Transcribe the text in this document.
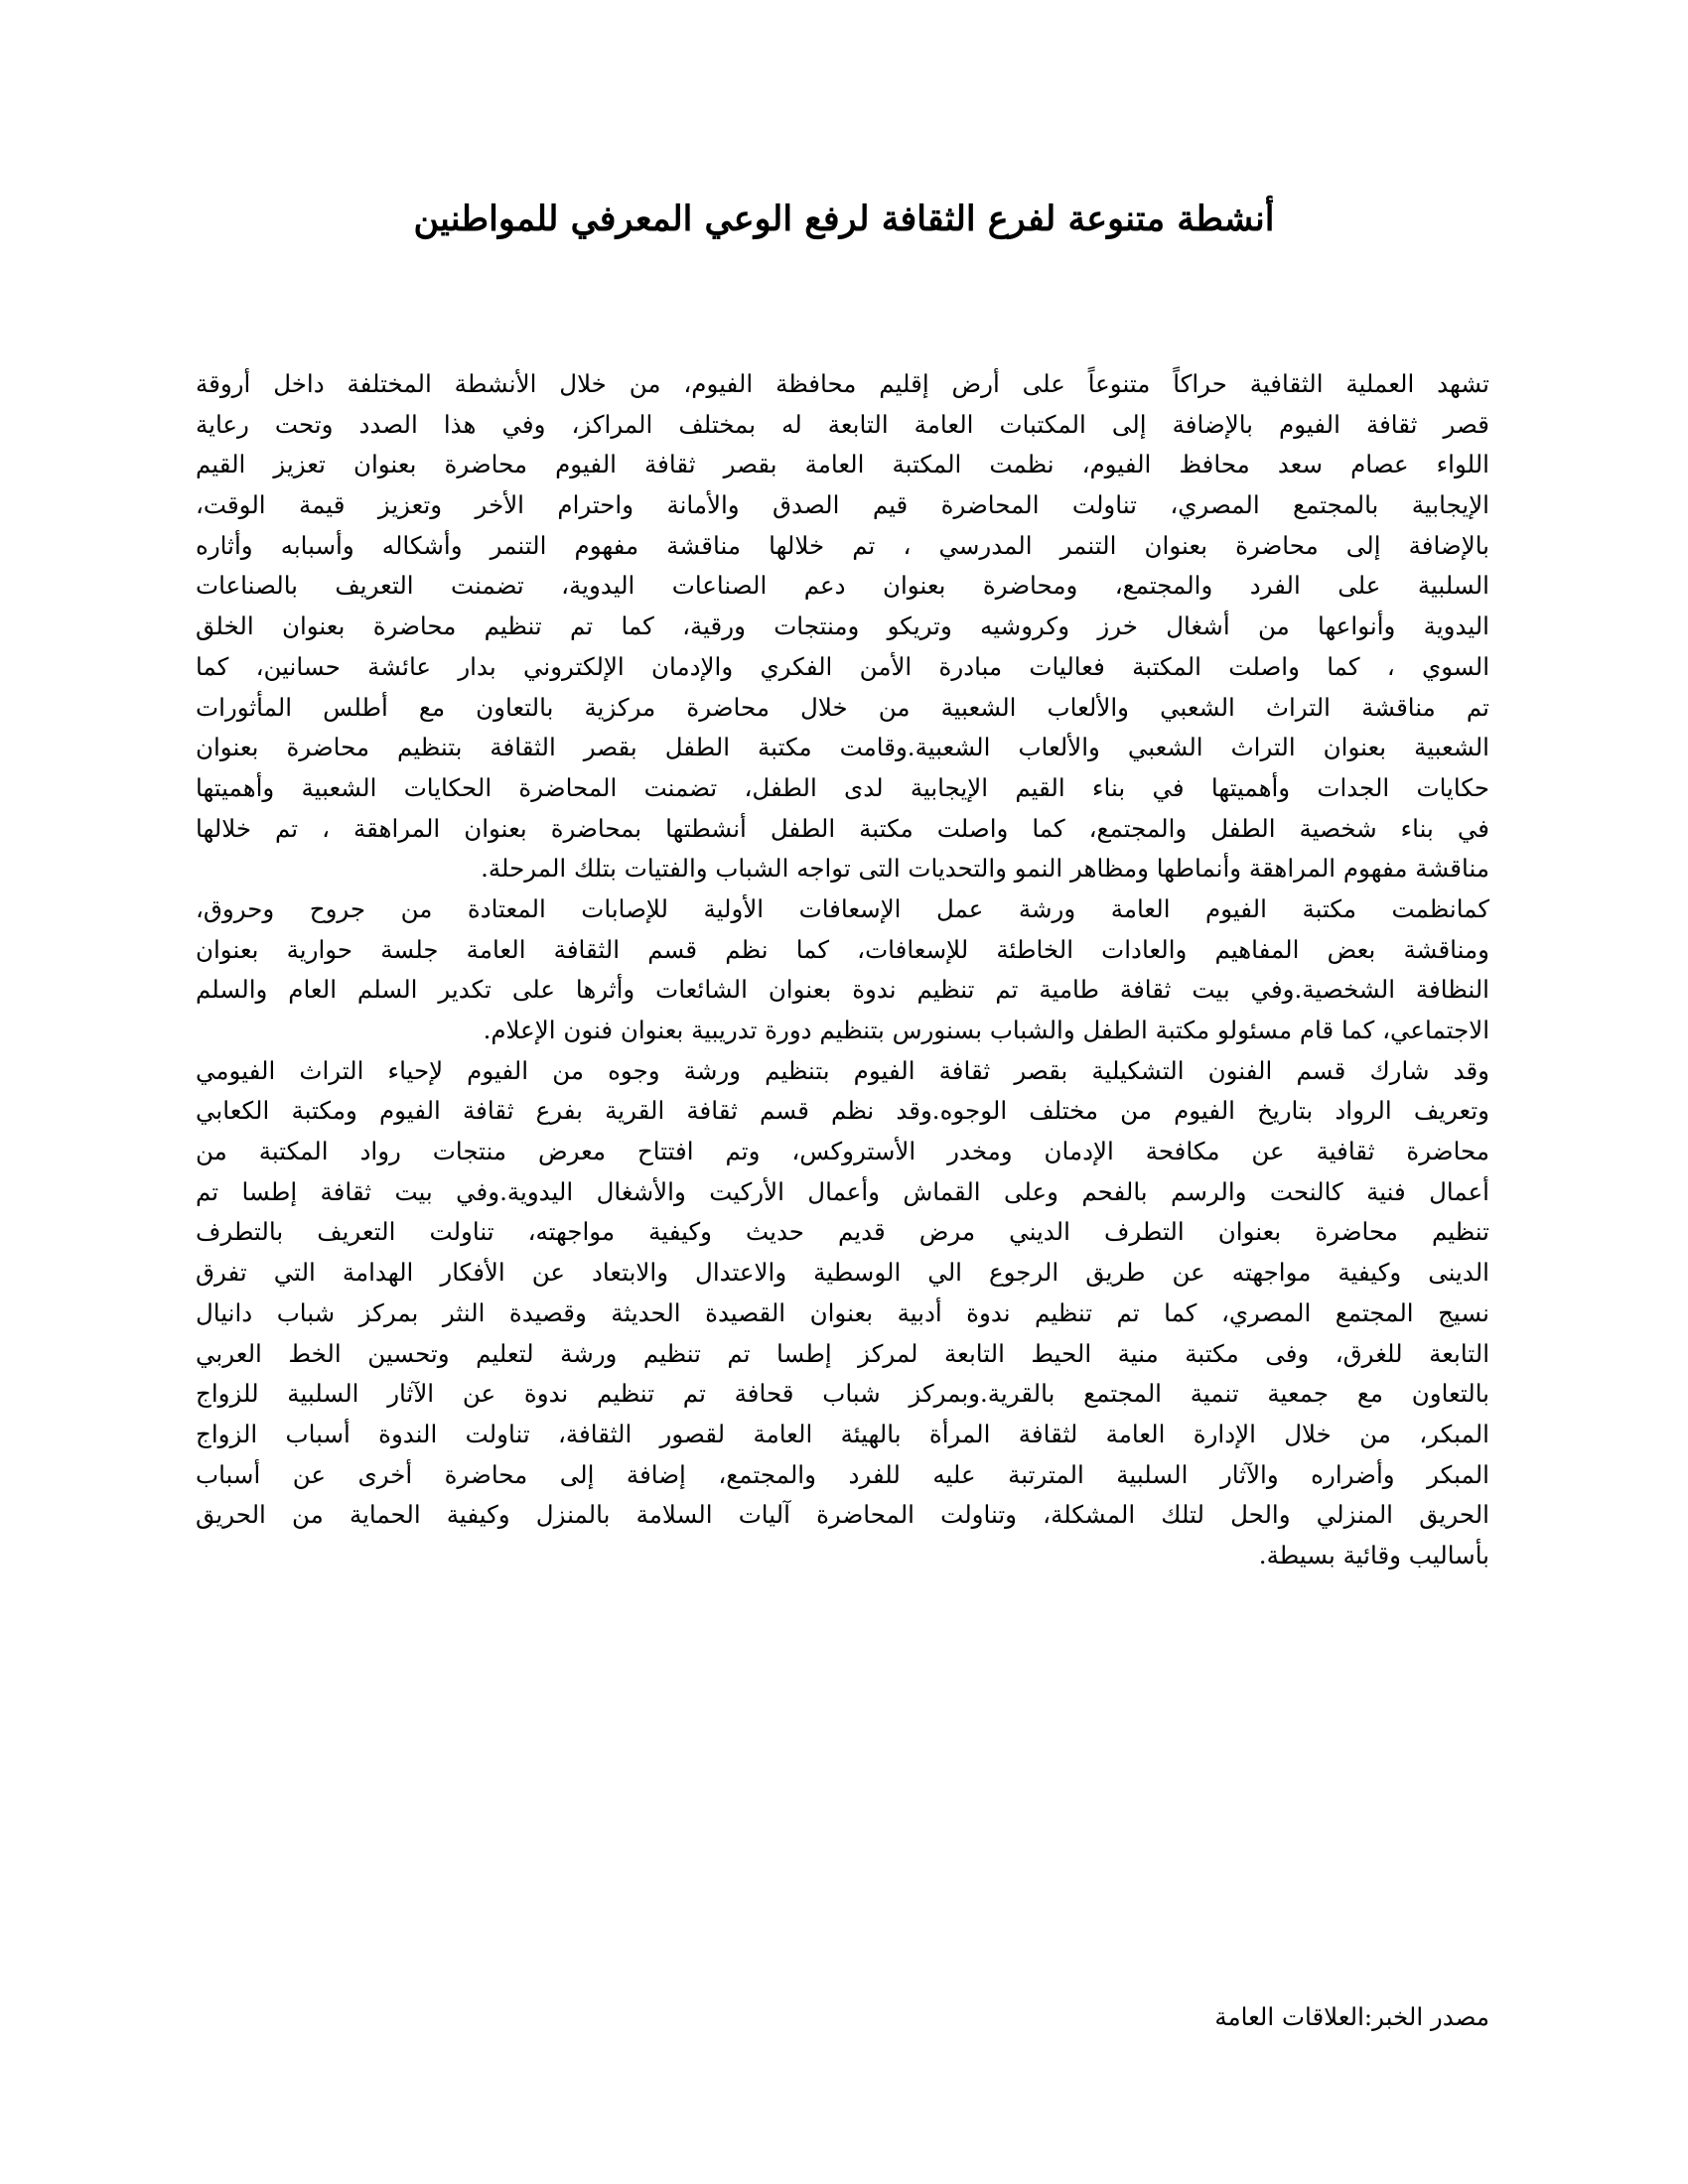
أنشطة متنوعة لفرع الثقافة لرفع الوعي المعرفي للمواطنين
تشهد العملية الثقافية حراكاً متنوعاً على أرض إقليم محافظة الفيوم، من خلال الأنشطة المختلفة داخل أروقة
قصر ثقافة الفيوم بالإضافة إلى المكتبات العامة التابعة له بمختلف المراكز، وفي هذا الصدد وتحت رعاية
اللواء عصام سعد محافظ الفيوم، نظمت المكتبة العامة بقصر ثقافة الفيوم محاضرة بعنوان تعزيز القيم
الإيجابية بالمجتمع المصري، تناولت المحاضرة قيم الصدق والأمانة واحترام الأخر وتعزيز قيمة الوقت،
بالإضافة إلى محاضرة بعنوان التنمر المدرسي ، تم خلالها مناقشة مفهوم التنمر وأشكاله وأسبابه وأثاره
السلبية على الفرد والمجتمع، ومحاضرة بعنوان دعم الصناعات اليدوية، تضمنت التعريف بالصناعات
اليدوية وأنواعها من أشغال خرز وكروشيه وتريكو ومنتجات ورقية، كما تم تنظيم محاضرة بعنوان الخلق
السوي ، كما واصلت المكتبة فعاليات مبادرة الأمن الفكري والإدمان الإلكتروني بدار عائشة حسانين، كما
تم مناقشة التراث الشعبي والألعاب الشعبية من خلال محاضرة مركزية بالتعاون مع أطلس المأثورات
الشعبية بعنوان التراث الشعبي والألعاب الشعبية.وقامت مكتبة الطفل بقصر الثقافة بتنظيم محاضرة بعنوان
حكايات الجدات وأهميتها في بناء القيم الإيجابية لدى الطفل، تضمنت المحاضرة الحكايات الشعبية وأهميتها
في بناء شخصية الطفل والمجتمع، كما واصلت مكتبة الطفل أنشطتها بمحاضرة بعنوان المراهقة ، تم خلالها
مناقشة مفهوم المراهقة وأنماطها ومظاهر النمو والتحديات التى تواجه الشباب والفتيات بتلك المرحلة.
كمانظمت مكتبة الفيوم العامة ورشة عمل الإسعافات الأولية للإصابات المعتادة من جروح وحروق،
ومناقشة بعض المفاهيم والعادات الخاطئة للإسعافات، كما نظم قسم الثقافة العامة جلسة حوارية بعنوان
النظافة الشخصية.وفي بيت ثقافة طامية تم تنظيم ندوة بعنوان الشائعات وأثرها على تكدير السلم العام والسلم
الاجتماعي، كما قام مسئولو مكتبة الطفل والشباب بسنورس بتنظيم دورة تدريبية بعنوان فنون الإعلام.
وقد شارك قسم الفنون التشكيلية بقصر ثقافة الفيوم بتنظيم ورشة وجوه من الفيوم لإحياء التراث الفيومي
وتعريف الرواد بتاريخ الفيوم من مختلف الوجوه.وقد نظم قسم ثقافة القرية بفرع ثقافة الفيوم ومكتبة الكعابي
محاضرة ثقافية عن مكافحة الإدمان ومخدر الأستروكس، وتم افتتاح معرض منتجات رواد المكتبة من
أعمال فنية كالنحت والرسم بالفحم وعلى القماش وأعمال الأركيت والأشغال اليدوية.وفي بيت ثقافة إطسا تم
تنظيم محاضرة بعنوان التطرف الديني مرض قديم حديث وكيفية مواجهته، تناولت التعريف بالتطرف
الدينى وكيفية مواجهته عن طريق الرجوع الي الوسطية والاعتدال والابتعاد عن الأفكار الهدامة التي تفرق
نسيج المجتمع المصري، كما تم تنظيم ندوة أدبية بعنوان القصيدة الحديثة وقصيدة النثر بمركز شباب دانيال
التابعة للغرق، وفى مكتبة منية الحيط التابعة لمركز إطسا تم تنظيم ورشة لتعليم وتحسين الخط العربي
بالتعاون مع جمعية تنمية المجتمع بالقرية.وبمركز شباب قحافة تم تنظيم ندوة عن الآثار السلبية للزواج
المبكر، من خلال الإدارة العامة لثقافة المرأة بالهيئة العامة لقصور الثقافة، تناولت الندوة أسباب الزواج
المبكر وأضراره والآثار السلبية المترتبة عليه للفرد والمجتمع، إضافة إلى محاضرة أخرى عن أسباب
الحريق المنزلي والحل لتلك المشكلة، وتناولت المحاضرة آليات السلامة بالمنزل وكيفية الحماية من الحريق
بأساليب وقائية بسيطة.

مصدر الخبر:العلاقات العامة
